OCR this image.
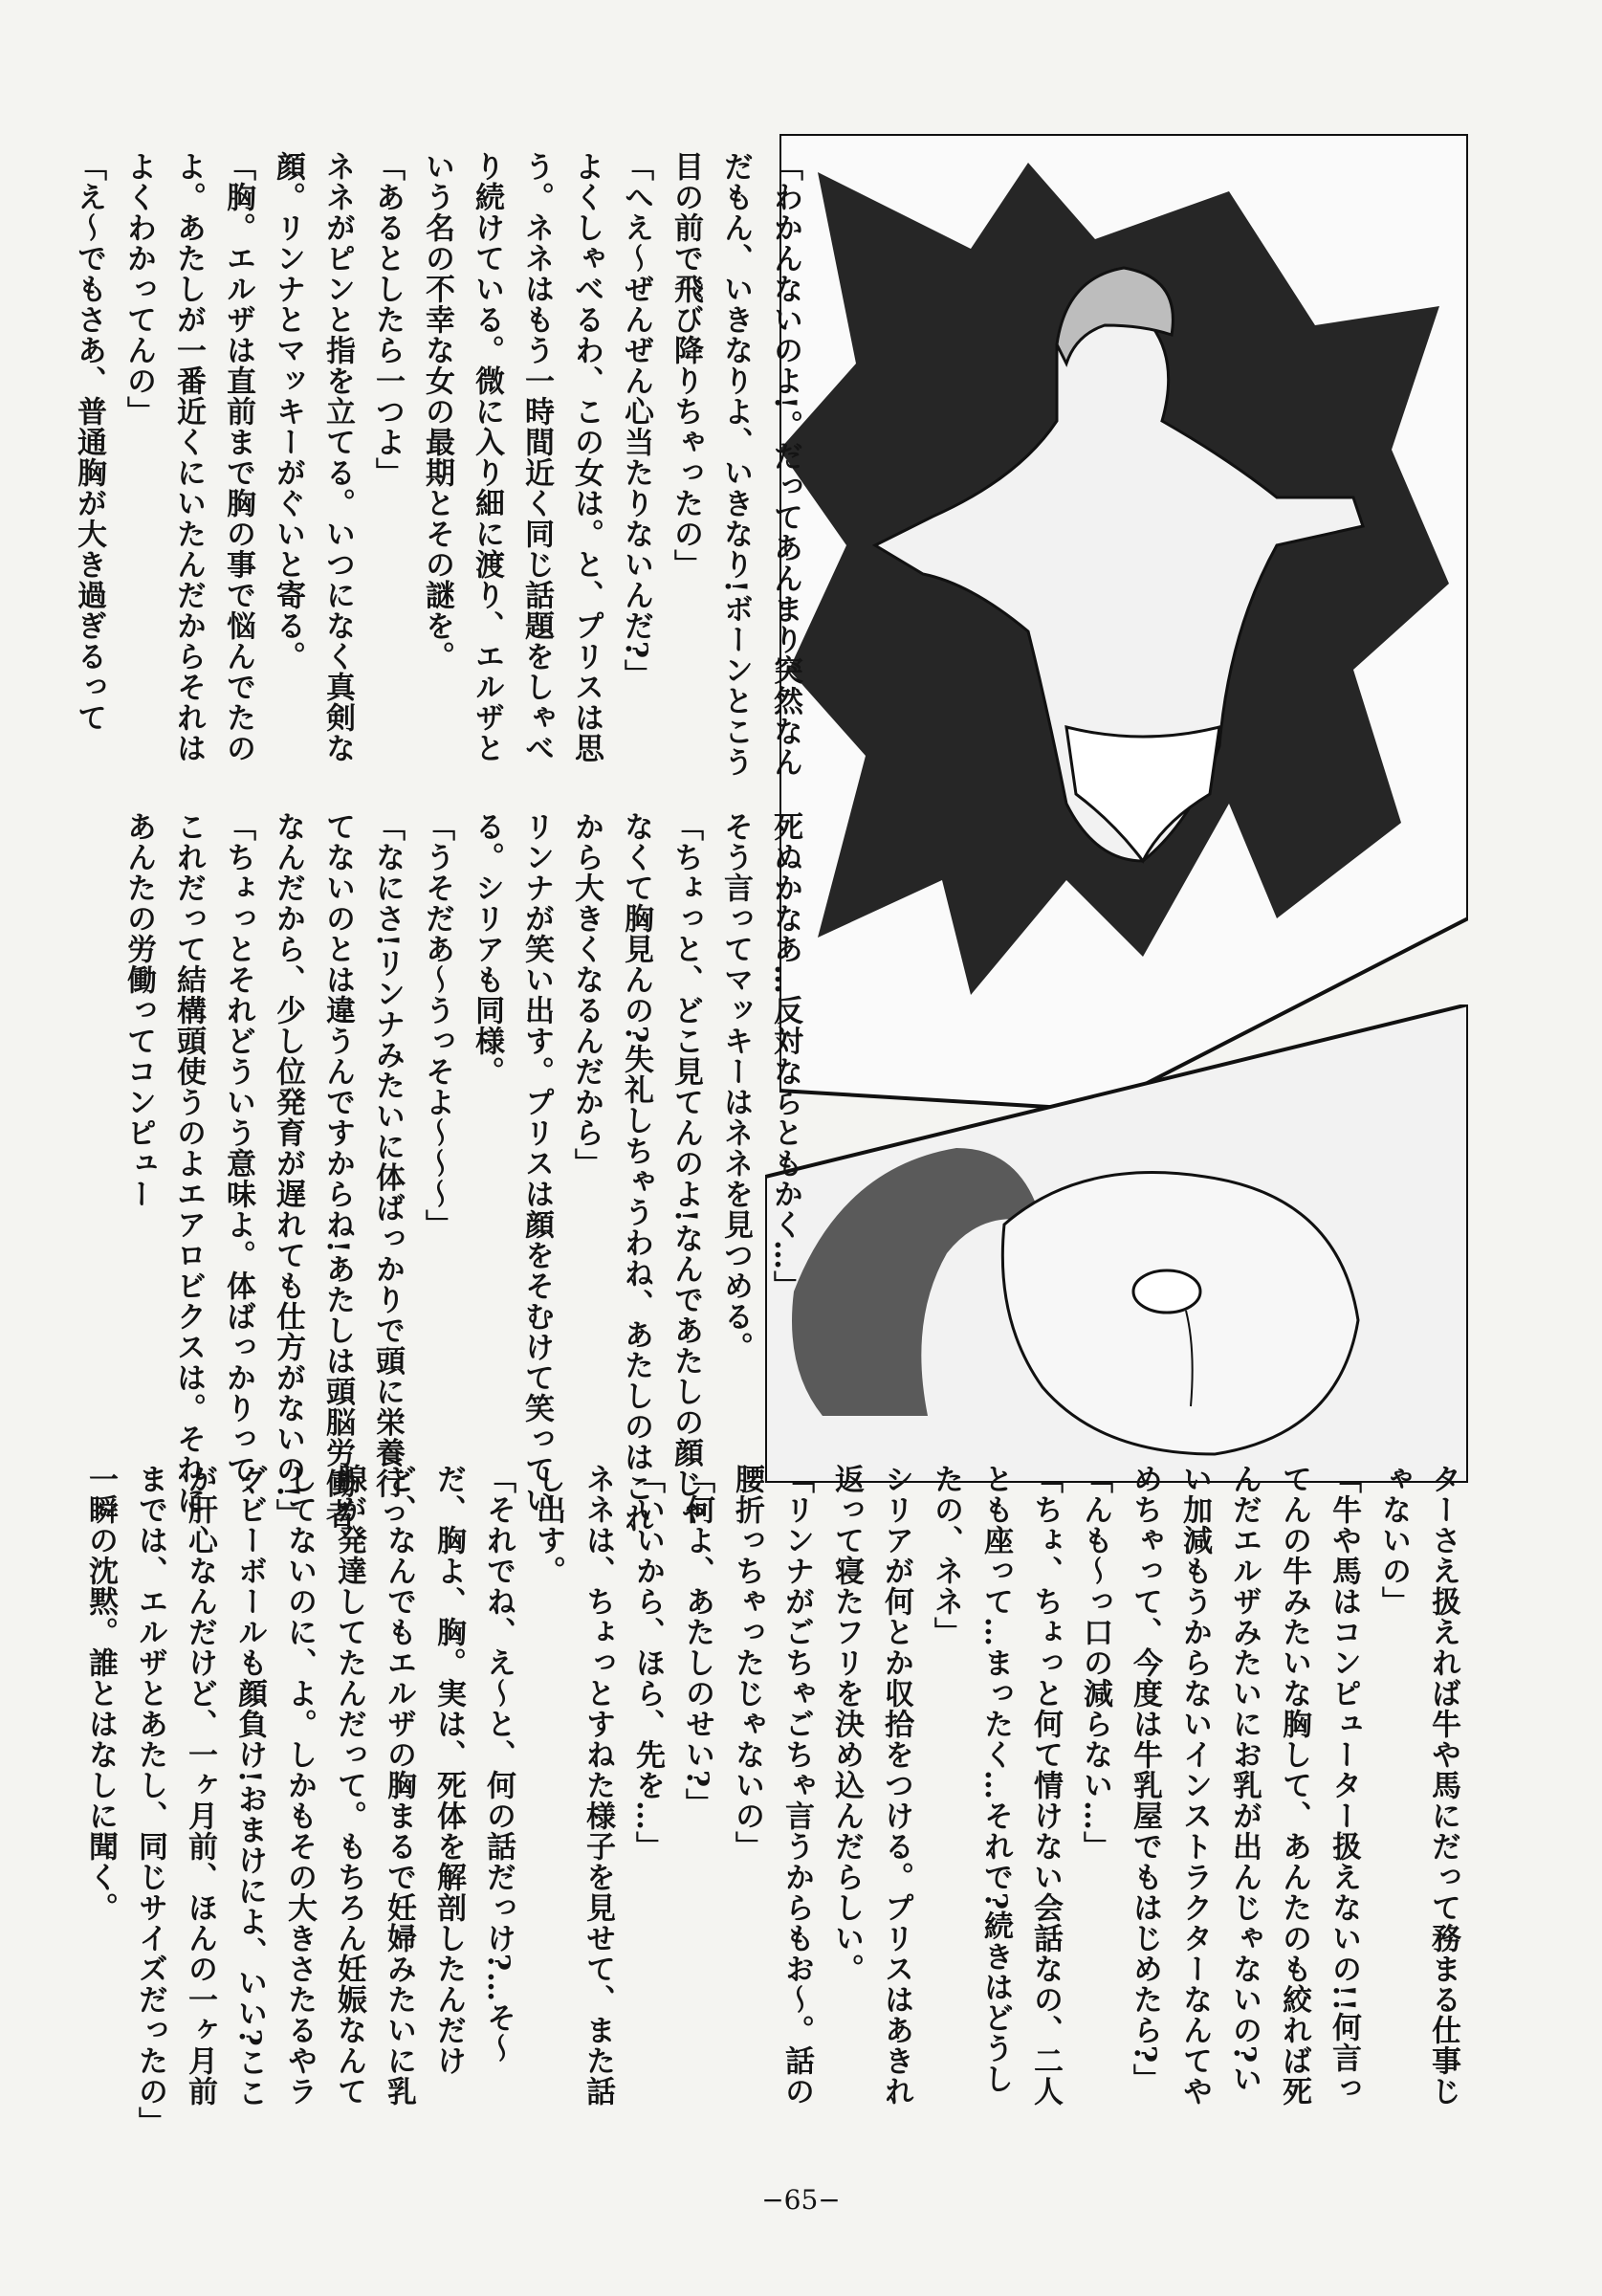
「わかんないのよ!。だってあんまり突然なんだもん、いきなりよ、いきなり!ボーンとこう目の前で飛び降りちゃったの」

「へえ〜ぜんぜん心当たりないんだ?」

よくしゃべるわ、この女は。と、プリスは思う。ネネはもう一時間近く同じ話題をしゃべり続けている。微に入り細に渡り、エルザという名の不幸な女の最期とその謎を。

「あるとしたら一つよ」

ネネがピンと指を立てる。いつになく真剣な顔。リンナとマッキーがぐいと寄る。

「胸。エルザは直前まで胸の事で悩んでたのよ。あたしが一番近くにいたんだからそれはよくわかってんの」

「え〜でもさあ、普通胸が大き過ぎるって

死ぬかなあ…反対ならともかく…」

そう言ってマッキーはネネを見つめる。

「ちょっと、どこ見てんのよ!なんであたしの顔じゃなくて胸見んの?失礼しちゃうわね、あたしのはこれから大きくなるんだから」

リンナが笑い出す。プリスは顔をそむけて笑っている。シリアも同様。

「うそだあ〜うっそよ〜〜〜」

「なにさ!リンナみたいに体ばっかりで頭に栄養行ってないのとは違うんですからね!あたしは頭脳労働者なんだから、少し位発育が遅れても仕方がないの!」

「ちょっとそれどういう意味よ。体ばっかりって、これだって結構頭使うのよエアロビクスは。それにあんたの労働ってコンピュー

ターさえ扱えれば牛や馬にだって務まる仕事じゃないの」

「牛や馬はコンピューター扱えないの!!何言ってんの牛みたいな胸して、あんたのも絞れば死んだエルザみたいにお乳が出んじゃないの?いい加減もうからないインストラクターなんてやめちゃって、今度は牛乳屋でもはじめたら?」

「んも〜っ口の減らない…」

「ちょ、ちょっと何て情けない会話なの、二人とも座って…まったく…それで?続きはどうしたの、ネネ」

シリアが何とか収拾をつける。プリスはあきれ返って寝たフリを決め込んだらしい。

「リンナがごちゃごちゃ言うからもお〜。話の腰折っちゃったじゃないの」

「何よ、あたしのせい?」

「いいから、ほら、先を…」

ネネは、ちょっとすねた様子を見せて、また話し出す。

「それでね、え〜と、何の話だっけ?…そ〜だ、胸よ、胸。実は、死体を解剖したんだけど、なんでもエルザの胸まるで妊婦みたいに乳腺が発達してたんだって。もちろん妊娠なんてしてないのに、よ。しかもその大きさたるやラグビーボールも顔負け!おまけによ、いい?ここが肝心なんだけど、一ヶ月前、ほんの一ヶ月前までは、エルザとあたし、同じサイズだったの」

一瞬の沈黙。誰とはなしに聞く。

−65−
